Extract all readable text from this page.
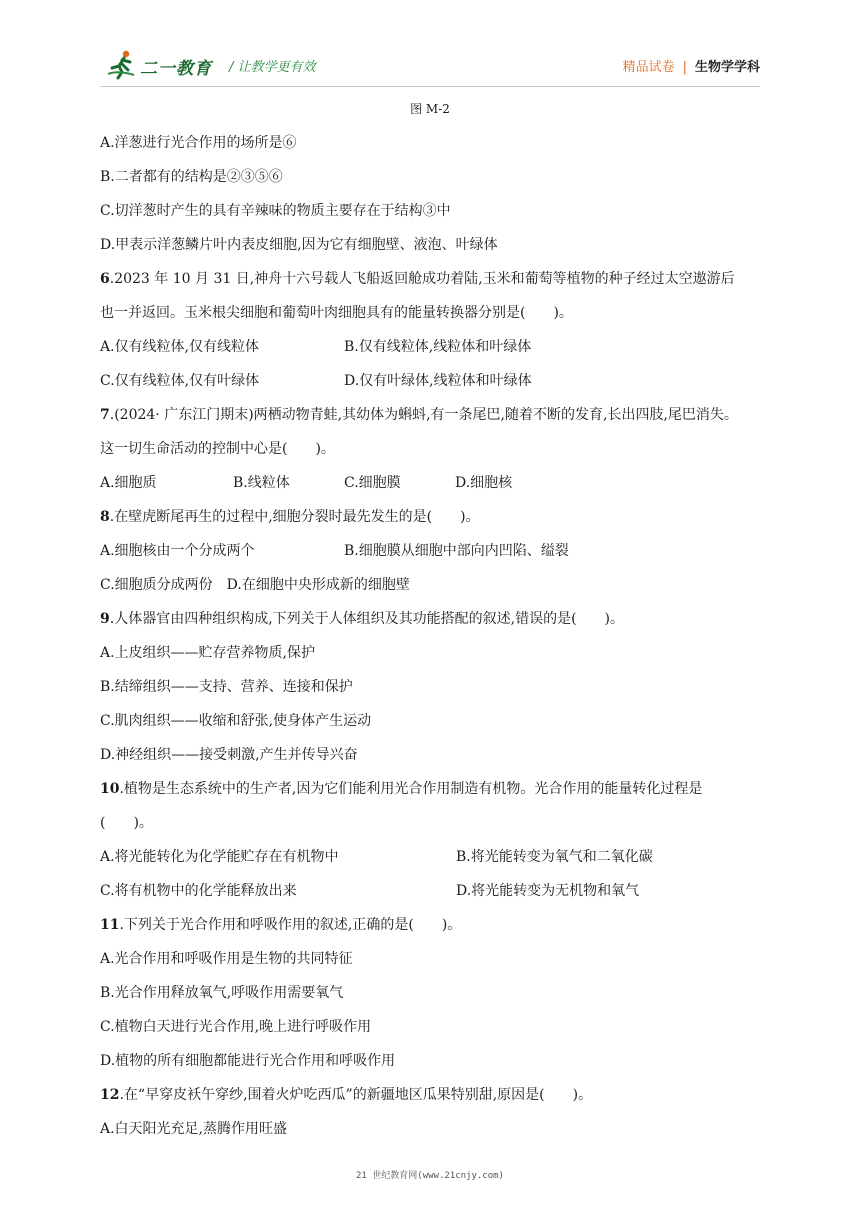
二一教育 / 让教学更有效	精品试卷 | 生物学学科
图 M-2
A.洋葱进行光合作用的场所是⑥
B.二者都有的结构是②③⑤⑥
C.切洋葱时产生的具有辛辣味的物质主要存在于结构③中
D.甲表示洋葱鳞片叶内表皮细胞,因为它有细胞壁、液泡、叶绿体
6.2023 年 10 月 31 日,神舟十六号载人飞船返回舱成功着陆,玉米和葡萄等植物的种子经过太空遨游后
也一并返回。玉米根尖细胞和葡萄叶肉细胞具有的能量转换器分别是(　　)。
A.仅有线粒体,仅有线粒体	B.仅有线粒体,线粒体和叶绿体
C.仅有线粒体,仅有叶绿体	D.仅有叶绿体,线粒体和叶绿体
7.(2024· 广东江门期末)两栖动物青蛙,其幼体为蝌蚪,有一条尾巴,随着不断的发育,长出四肢,尾巴消失。
这一切生命活动的控制中心是(　　)。
A.细胞质	B.线粒体	C.细胞膜	D.细胞核
8.在壁虎断尾再生的过程中,细胞分裂时最先发生的是(　　)。
A.细胞核由一个分成两个	B.细胞膜从细胞中部向内凹陷、缢裂
C.细胞质分成两份　D.在细胞中央形成新的细胞壁
9.人体器官由四种组织构成,下列关于人体组织及其功能搭配的叙述,错误的是(　　)。
A.上皮组织——贮存营养物质,保护
B.结缔组织——支持、营养、连接和保护
C.肌肉组织——收缩和舒张,使身体产生运动
D.神经组织——接受刺激,产生并传导兴奋
10.植物是生态系统中的生产者,因为它们能利用光合作用制造有机物。光合作用的能量转化过程是
(　　)。
A.将光能转化为化学能贮存在有机物中	B.将光能转变为氧气和二氧化碳
C.将有机物中的化学能释放出来	D.将光能转变为无机物和氧气
11.下列关于光合作用和呼吸作用的叙述,正确的是(　　)。
A.光合作用和呼吸作用是生物的共同特征
B.光合作用释放氧气,呼吸作用需要氧气
C.植物白天进行光合作用,晚上进行呼吸作用
D.植物的所有细胞都能进行光合作用和呼吸作用
12.在“早穿皮袄午穿纱,围着火炉吃西瓜”的新疆地区瓜果特别甜,原因是(　　)。
A.白天阳光充足,蒸腾作用旺盛
21 世纪教育网(www.21cnjy.com)
